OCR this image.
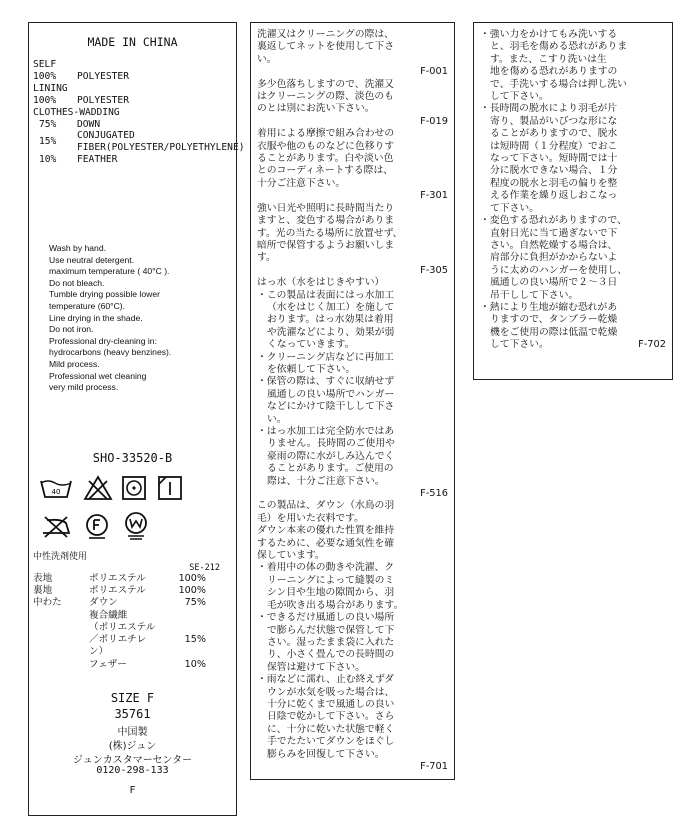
MADE IN CHINA
SELF
100% POLYESTER
LINING
100% POLYESTER
CLOTHES-WADDING
75% DOWN
15%
CONJUGATED
FIBER(POLYESTER/POLYETHYLENE)
10% FEATHER
Wash by hand.
Use neutral detergent.
maximum temperature ( 40°C ).
Do not bleach.
Tumble drying possible lower
temperature (60°C).
Line drying in the shade.
Do not iron.
Professional dry-cleaning in:
hydrocarbons (heavy benzines).
Mild process.
Professional wet cleaning
very mild process.
SHO-33520-B
40
中性洗剤使用
SE-212
表地	ポリエステル	100%
裏地	ポリエステル	100%
中わた	ダウン	75%
複合繊維
（ポリエステル
／ポリエチレ	15%
ン）
フェザー	10%
SIZE F
35761
中国製
(株)ジュン
ジュンカスタマーセンター
0120-298-133
F
洗濯又はクリーニングの際は、
裏返してネットを使用して下さ
い。
F-001
多少色落ちしますので、洗濯又
はクリーニングの際、淡色のも
のとは別にお洗い下さい。
F-019
着用による摩擦で組み合わせの
衣服や他のものなどに色移りす
ることがあります。白や淡い色
とのコーディネートする際は、
十分ご注意下さい。
F-301
強い日光や照明に長時間当たり
ますと、変色する場合がありま
す。光の当たる場所に放置せず、
暗所で保管するようお願いしま
す。
F-305
はっ水（水をはじきやすい）
・この製品は表面にはっ水加工
（水をはじく加工）を施して
おります。はっ水効果は着用
や洗濯などにより、効果が弱
くなっていきます。
・クリーニング店などに再加工
を依頼して下さい。
・保管の際は、すぐに収納せず
風通しの良い場所でハンガー
などにかけて陰干しして下さ
い。
・はっ水加工は完全防水ではあ
りません。長時間のご使用や
豪雨の際に水がしみ込んでく
ることがあります。ご使用の
際は、十分ご注意下さい。
F-516
この製品は、ダウン（水鳥の羽
毛）を用いた衣料です。
ダウン本来の優れた性質を維持
するために、必要な通気性を確
保しています。
・着用中の体の動きや洗濯、ク
リーニングによって縫製のミ
シン目や生地の隙間から、羽
毛が吹き出る場合があります。
・できるだけ風通しの良い場所
で膨らんだ状態で保管して下
さい。湿ったまま袋に入れた
り、小さく畳んでの長時間の
保管は避けて下さい。
・雨などに濡れ、止む終えずダ
ウンが水気を吸った場合は、
十分に乾くまで風通しの良い
日陰で乾かして下さい。さら
に、十分に乾いた状態で軽く
手でたたいてダウンをほぐし
膨らみを回復して下さい。
F-701
・強い力をかけてもみ洗いする
と、羽毛を傷める恐れがありま
す。また、こすり洗いは生
地を傷める恐れがありますの
で、手洗いする場合は押し洗い
して下さい。
・長時間の脱水により羽毛が片
寄り、製品がいびつな形にな
ることがありますので、脱水
は短時間（１分程度）でおこ
なって下さい。短時間では十
分に脱水できない場合、１分
程度の脱水と羽毛の偏りを整
える作業を繰り返しおこなっ
て下さい。
・変色する恐れがありますので、
直射日光に当て過ぎないで下
さい。自然乾燥する場合は、
肩部分に負担がかからないよ
うに太めのハンガーを使用し、
風通しの良い場所で２～３日
吊干しして下さい。
・熱により生地が縮む恐れがあ
りますので、タンブラー乾燥
機をご使用の際は低温で乾燥
して下さい。	F-702
